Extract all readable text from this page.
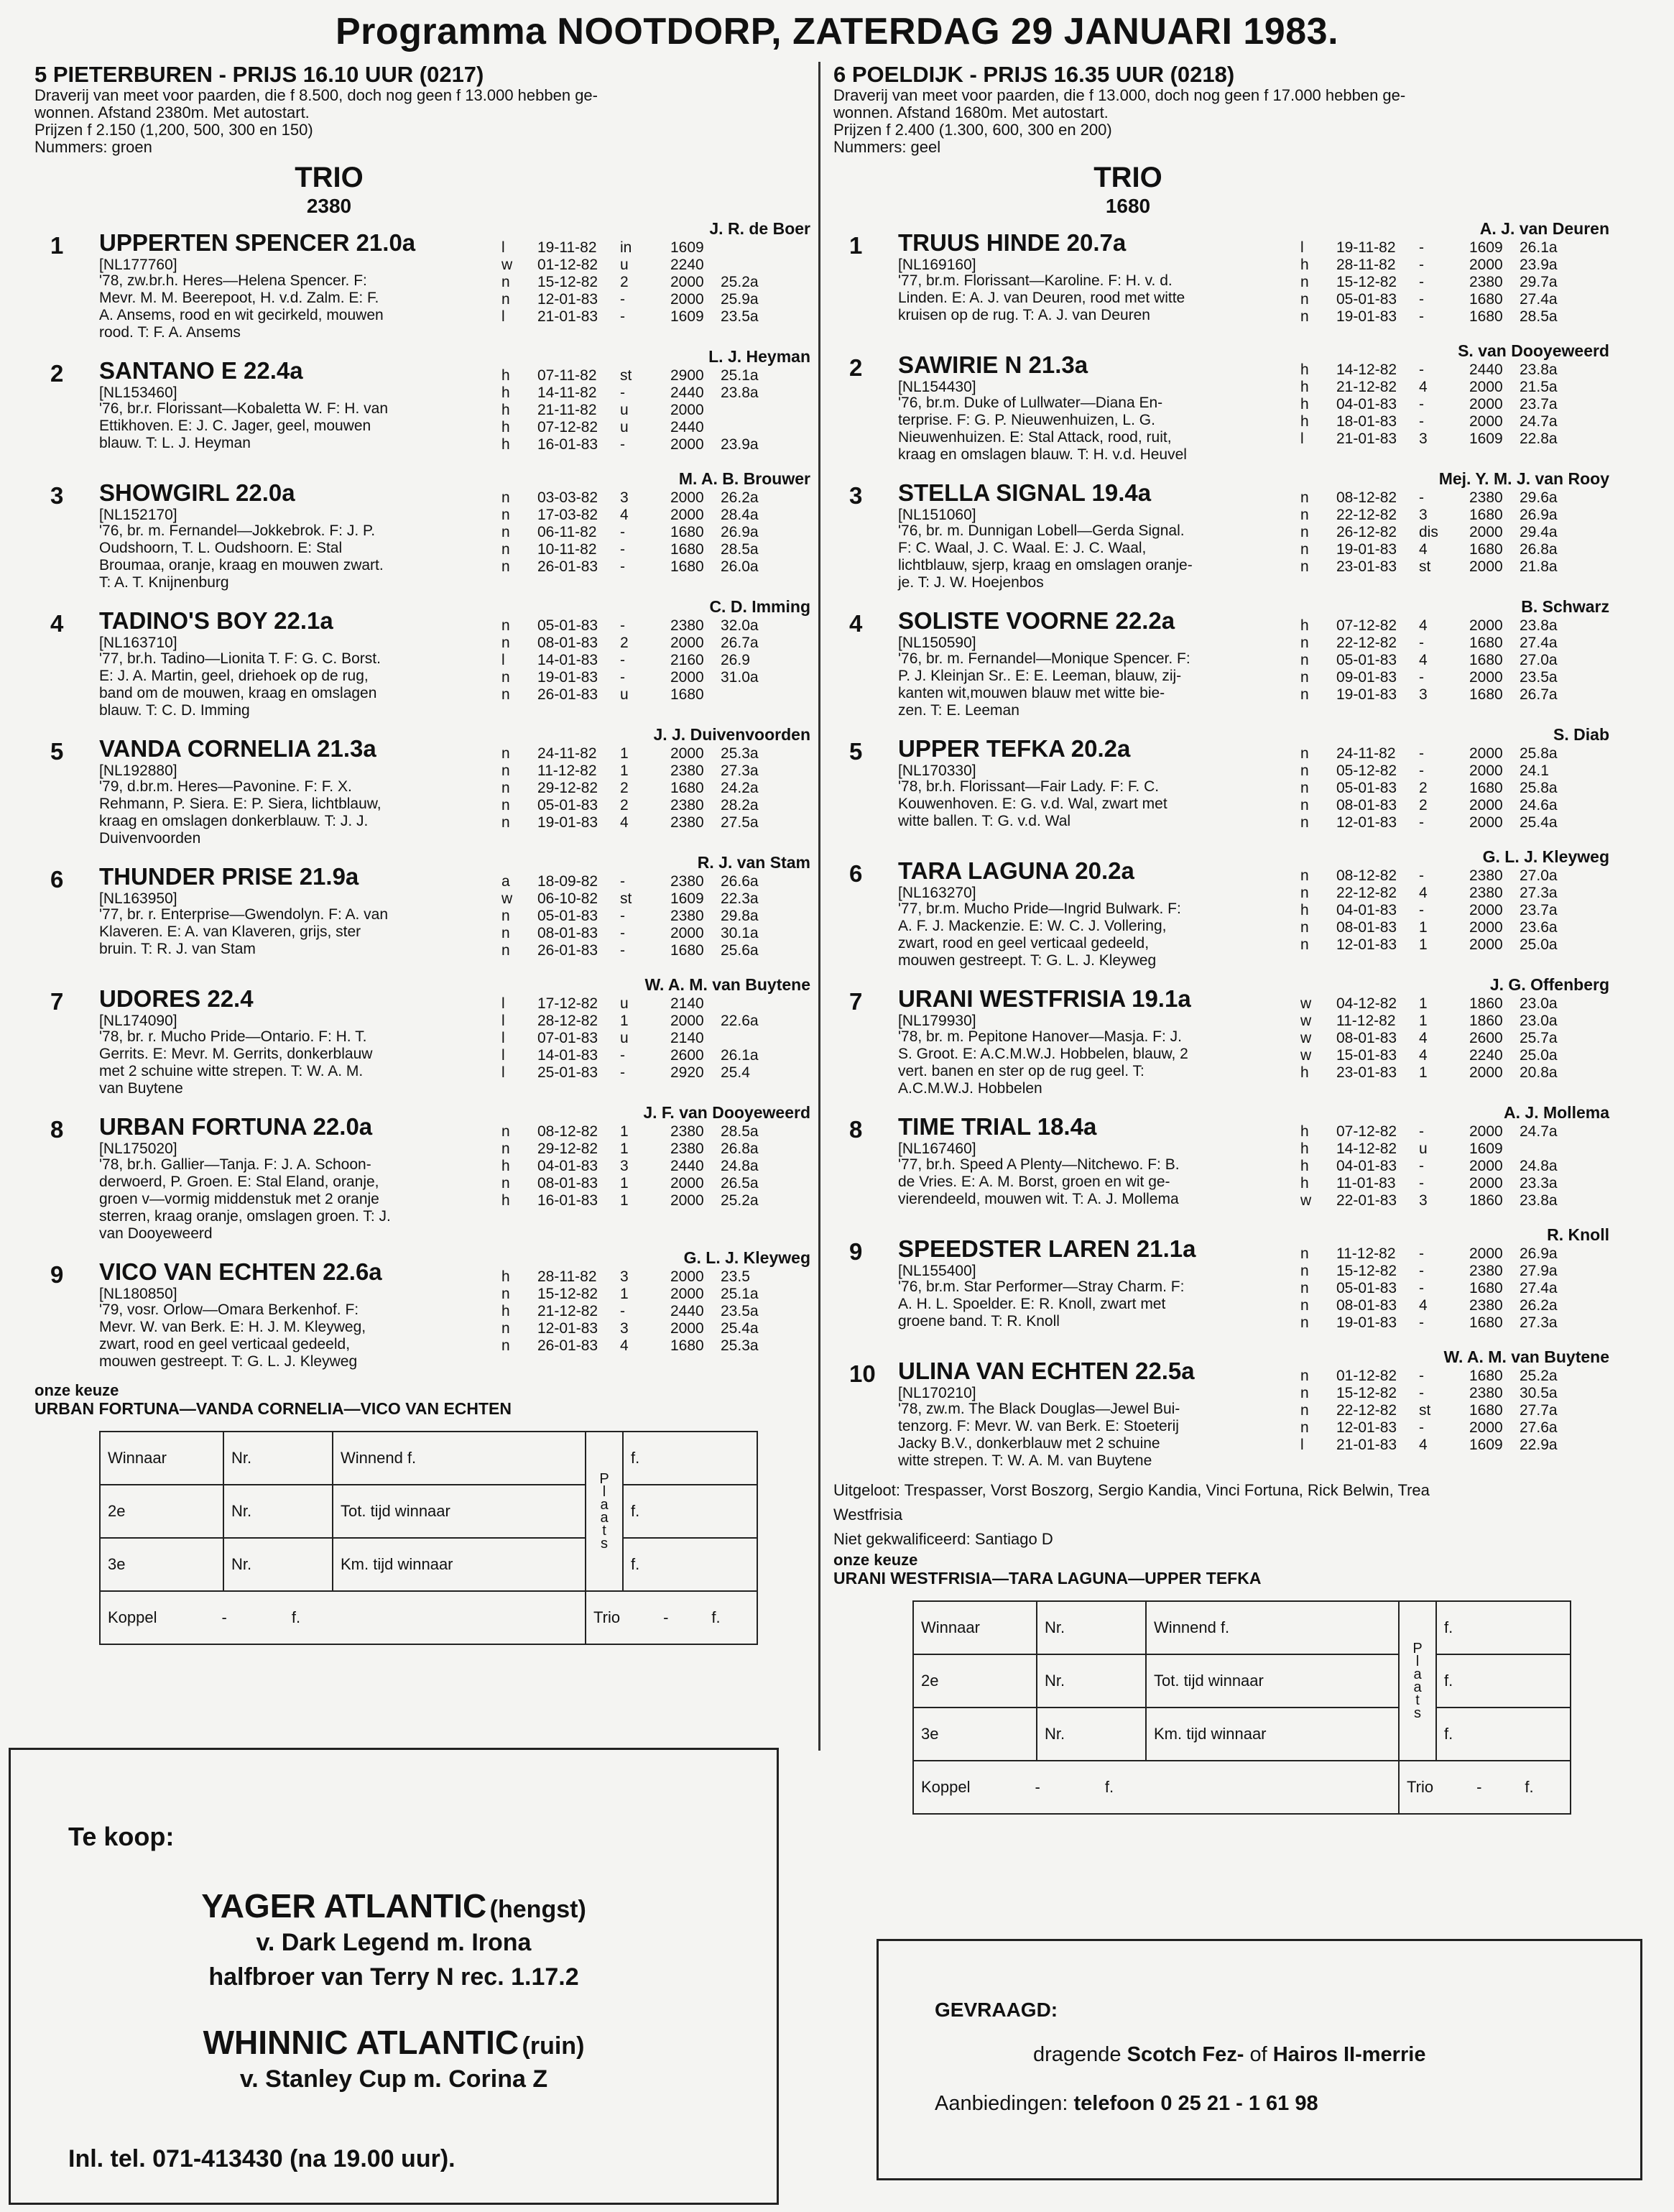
Programma NOOTDORP, ZATERDAG 29 JANUARI 1983.
5 PIETERBUREN - PRIJS 16.10 UUR (0217)
Draverij van meet voor paarden, die f 8.500, doch nog geen f 13.000 hebben ge-
wonnen. Afstand 2380m. Met autostart.
Prijzen f 2.150 (1,200, 500, 300 en 150)
Nummers: groen
TRIO
2380
1
J. R. de Boer
UPPERTEN SPENCER 21.0a
[NL177760]
'78, zw.br.h. Heres—Helena Spencer. F:
Mevr. M. M. Beerepoot, H. v.d. Zalm. E: F.
A. Ansems, rood en wit gecirkeld, mouwen
rood. T: F. A. Ansems
l	19-11-82	in	1609
w	01-12-82	u	2240
n	15-12-82	2	2000	25.2a
n	12-01-83	-	2000	25.9a
l	21-01-83	-	1609	23.5a
2
L. J. Heyman
SANTANO E 22.4a
[NL153460]
'76, br.r. Florissant—Kobaletta W. F: H. van
Ettikhoven. E: J. C. Jager, geel, mouwen
blauw. T: L. J. Heyman
h	07-11-82	st	2900	25.1a
h	14-11-82	-	2440	23.8a
h	21-11-82	u	2000
h	07-12-82	u	2440
h	16-01-83	-	2000	23.9a
3
M. A. B. Brouwer
SHOWGIRL 22.0a
[NL152170]
'76, br. m. Fernandel—Jokkebrok. F: J. P.
Oudshoorn, T. L. Oudshoorn. E: Stal
Broumaa, oranje, kraag en mouwen zwart.
T: A. T. Knijnenburg
n	03-03-82	3	2000	26.2a
n	17-03-82	4	2000	28.4a
n	06-11-82	-	1680	26.9a
n	10-11-82	-	1680	28.5a
n	26-01-83	-	1680	26.0a
4
C. D. Imming
TADINO'S BOY 22.1a
[NL163710]
'77, br.h. Tadino—Lionita T. F: G. C. Borst.
E: J. A. Martin, geel, driehoek op de rug,
band om de mouwen, kraag en omslagen
blauw. T: C. D. Imming
n	05-01-83	-	2380	32.0a
n	08-01-83	2	2000	26.7a
l	14-01-83	-	2160	26.9
n	19-01-83	-	2000	31.0a
n	26-01-83	u	1680
5
J. J. Duivenvoorden
VANDA CORNELIA 21.3a
[NL192880]
'79, d.br.m. Heres—Pavonine. F: F. X.
Rehmann, P. Siera. E: P. Siera, lichtblauw,
kraag en omslagen donkerblauw. T: J. J.
Duivenvoorden
n	24-11-82	1	2000	25.3a
n	11-12-82	1	2380	27.3a
n	29-12-82	2	1680	24.2a
n	05-01-83	2	2380	28.2a
n	19-01-83	4	2380	27.5a
6
R. J. van Stam
THUNDER PRISE 21.9a
[NL163950]
'77, br. r. Enterprise—Gwendolyn. F: A. van
Klaveren. E: A. van Klaveren, grijs, ster
bruin. T: R. J. van Stam
a	18-09-82	-	2380	26.6a
w	06-10-82	st	1609	22.3a
n	05-01-83	-	2380	29.8a
n	08-01-83	-	2000	30.1a
n	26-01-83	-	1680	25.6a
7
W. A. M. van Buytene
UDORES 22.4
[NL174090]
'78, br. r. Mucho Pride—Ontario. F: H. T.
Gerrits. E: Mevr. M. Gerrits, donkerblauw
met 2 schuine witte strepen. T: W. A. M.
van Buytene
l	17-12-82	u	2140
l	28-12-82	1	2000	22.6a
l	07-01-83	u	2140
l	14-01-83	-	2600	26.1a
l	25-01-83	-	2920	25.4
8
J. F. van Dooyeweerd
URBAN FORTUNA 22.0a
[NL175020]
'78, br.h. Gallier—Tanja. F: J. A. Schoon-
derwoerd, P. Groen. E: Stal Eland, oranje,
groen v—vormig middenstuk met 2 oranje
sterren, kraag oranje, omslagen groen. T: J.
van Dooyeweerd
n	08-12-82	1	2380	28.5a
n	29-12-82	1	2380	26.8a
h	04-01-83	3	2440	24.8a
n	08-01-83	1	2000	26.5a
h	16-01-83	1	2000	25.2a
9
G. L. J. Kleyweg
VICO VAN ECHTEN 22.6a
[NL180850]
'79, vosr. Orlow—Omara Berkenhof. F:
Mevr. W. van Berk. E: H. J. M. Kleyweg,
zwart, rood en geel verticaal gedeeld,
mouwen gestreept. T: G. L. J. Kleyweg
h	28-11-82	3	2000	23.5
n	15-12-82	1	2000	25.1a
h	21-12-82	-	2440	23.5a
n	12-01-83	3	2000	25.4a
n	26-01-83	4	1680	25.3a
onze keuze
URBAN FORTUNA—VANDA CORNELIA—VICO VAN ECHTEN
Winnaar	Nr.	Winnend f.	Plaats	f.
2e	Nr.	Tot. tijd winnaar		f.
3e	Nr.	Km. tijd winnaar		f.
Koppel - f.			Trio - f.	
6 POELDIJK - PRIJS 16.35 UUR (0218)
Draverij van meet voor paarden, die f 13.000, doch nog geen f 17.000 hebben ge-
wonnen. Afstand 1680m. Met autostart.
Prijzen f 2.400 (1.300, 600, 300 en 200)
Nummers: geel
TRIO
1680
1
A. J. van Deuren
TRUUS HINDE 20.7a
[NL169160]
'77, br.m. Florissant—Karoline. F: H. v. d.
Linden. E: A. J. van Deuren, rood met witte
kruisen op de rug. T: A. J. van Deuren
l	19-11-82	-	1609	26.1a
h	28-11-82	-	2000	23.9a
n	15-12-82	-	2380	29.7a
n	05-01-83	-	1680	27.4a
n	19-01-83	-	1680	28.5a
2
S. van Dooyeweerd
SAWIRIE N 21.3a
[NL154430]
'76, br.m. Duke of Lullwater—Diana En-
terprise. F: G. P. Nieuwenhuizen, L. G.
Nieuwenhuizen. E: Stal Attack, rood, ruit,
kraag en omslagen blauw. T: H. v.d. Heuvel
h	14-12-82	-	2440	23.8a
h	21-12-82	4	2000	21.5a
h	04-01-83	-	2000	23.7a
h	18-01-83	-	2000	24.7a
l	21-01-83	3	1609	22.8a
3
Mej. Y. M. J. van Rooy
STELLA SIGNAL 19.4a
[NL151060]
'76, br. m. Dunnigan Lobell—Gerda Signal.
F: C. Waal, J. C. Waal. E: J. C. Waal,
lichtblauw, sjerp, kraag en omslagen oranje-
je. T: J. W. Hoejenbos
n	08-12-82	-	2380	29.6a
n	22-12-82	3	1680	26.9a
n	26-12-82	dis	2000	29.4a
n	19-01-83	4	1680	26.8a
n	23-01-83	st	2000	21.8a
4
B. Schwarz
SOLISTE VOORNE 22.2a
[NL150590]
'76, br. m. Fernandel—Monique Spencer. F:
P. J. Kleinjan Sr.. E: E. Leeman, blauw, zij-
kanten wit,mouwen blauw met witte bie-
zen. T: E. Leeman
h	07-12-82	4	2000	23.8a
n	22-12-82	-	1680	27.4a
n	05-01-83	4	1680	27.0a
n	09-01-83	-	2000	23.5a
n	19-01-83	3	1680	26.7a
5
S. Diab
UPPER TEFKA 20.2a
[NL170330]
'78, br.h. Florissant—Fair Lady. F: F. C.
Kouwenhoven. E: G. v.d. Wal, zwart met
witte ballen. T: G. v.d. Wal
n	24-11-82	-	2000	25.8a
n	05-12-82	-	2000	24.1
n	05-01-83	2	1680	25.8a
n	08-01-83	2	2000	24.6a
n	12-01-83	-	2000	25.4a
6
G. L. J. Kleyweg
TARA LAGUNA 20.2a
[NL163270]
'77, br.m. Mucho Pride—Ingrid Bulwark. F:
A. F. J. Mackenzie. E: W. C. J. Vollering,
zwart, rood en geel verticaal gedeeld,
mouwen gestreept. T: G. L. J. Kleyweg
n	08-12-82	-	2380	27.0a
n	22-12-82	4	2380	27.3a
h	04-01-83	-	2000	23.7a
n	08-01-83	1	2000	23.6a
n	12-01-83	1	2000	25.0a
7
J. G. Offenberg
URANI WESTFRISIA 19.1a
[NL179930]
'78, br. m. Pepitone Hanover—Masja. F: J.
S. Groot. E: A.C.M.W.J. Hobbelen, blauw, 2
vert. banen en ster op de rug geel. T:
A.C.M.W.J. Hobbelen
w	04-12-82	1	1860	23.0a
w	11-12-82	1	1860	23.0a
w	08-01-83	4	2600	25.7a
w	15-01-83	4	2240	25.0a
h	23-01-83	1	2000	20.8a
8
A. J. Mollema
TIME TRIAL 18.4a
[NL167460]
'77, br.h. Speed A Plenty—Nitchewo. F: B.
de Vries. E: A. M. Borst, groen en wit ge-
vierendeeld, mouwen wit. T: A. J. Mollema
h	07-12-82	-	2000	24.7a
h	14-12-82	u	1609
h	04-01-83	-	2000	24.8a
h	11-01-83	-	2000	23.3a
w	22-01-83	3	1860	23.8a
9
R. Knoll
SPEEDSTER LAREN 21.1a
[NL155400]
'76, br.m. Star Performer—Stray Charm. F:
A. H. L. Spoelder. E: R. Knoll, zwart met
groene band. T: R. Knoll
n	11-12-82	-	2000	26.9a
n	15-12-82	-	2380	27.9a
n	05-01-83	-	1680	27.4a
n	08-01-83	4	2380	26.2a
n	19-01-83	-	1680	27.3a
10
W. A. M. van Buytene
ULINA VAN ECHTEN 22.5a
[NL170210]
'78, zw.m. The Black Douglas—Jewel Bui-
tenzorg. F: Mevr. W. van Berk. E: Stoeterij
Jacky B.V., donkerblauw met 2 schuine
witte strepen. T: W. A. M. van Buytene
n	01-12-82	-	1680	25.2a
n	15-12-82	-	2380	30.5a
n	22-12-82	st	1680	27.7a
n	12-01-83	-	2000	27.6a
l	21-01-83	4	1609	22.9a
Uitgeloot: Trespasser, Vorst Boszorg, Sergio Kandia, Vinci Fortuna, Rick Belwin, Trea
Westfrisia
Niet gekwalificeerd: Santiago D
onze keuze
URANI WESTFRISIA—TARA LAGUNA—UPPER TEFKA
Winnaar	Nr.	Winnend f.	Plaats	f.
2e	Nr.	Tot. tijd winnaar		f.
3e	Nr.	Km. tijd winnaar		f.
Koppel - f.			Trio - f.	
Te koop:
YAGER ATLANTIC (hengst)
v. Dark Legend m. Irona
halfbroer van Terry N rec. 1.17.2
WHINNIC ATLANTIC (ruin)
v. Stanley Cup m. Corina Z
Inl. tel. 071-413430 (na 19.00 uur).
GEVRAAGD:
dragende Scotch Fez- of Hairos II-merrie
Aanbiedingen: telefoon 0 25 21 - 1 61 98
